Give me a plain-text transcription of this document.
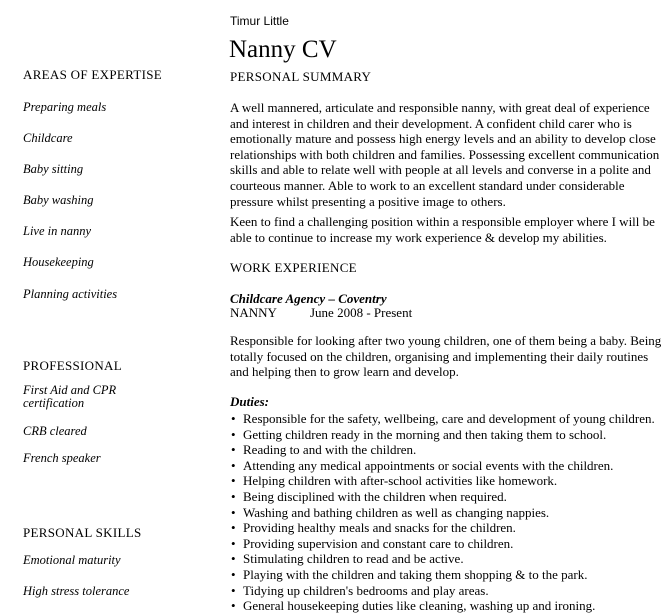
Timur Little
Nanny CV
AREAS OF EXPERTISE
Preparing meals
Childcare
Baby sitting
Baby washing
Live in nanny
Housekeeping
Planning activities
PROFESSIONAL
First Aid and CPR certification
CRB cleared
French speaker
PERSONAL SKILLS
Emotional maturity
High stress tolerance
PERSONAL SUMMARY
A well mannered, articulate and responsible nanny, with great deal of experience and interest in children and their development. A confident child carer who is emotionally mature and possess high energy levels and an ability to develop close relationships with both children and families. Possessing excellent communication skills and able to relate well with people at all levels and converse in a polite and courteous manner. Able to work to an excellent standard under considerable pressure whilst presenting a positive image to others.
Keen to find a challenging position within a responsible employer where I will be able to continue to increase my work experience & develop my abilities.
WORK EXPERIENCE
Childcare Agency – Coventry
NANNY	June 2008 - Present
Responsible for looking after two young children, one of them being a baby. Being totally focused on the children, organising and implementing their daily routines and helping then to grow learn and develop.
Duties:
• Responsible for the safety, wellbeing, care and development of young children.
• Getting children ready in the morning and then taking them to school.
• Reading to and with the children.
• Attending any medical appointments or social events with the children.
• Helping children with after-school activities like homework.
• Being disciplined with the children when required.
• Washing and bathing children as well as changing nappies.
• Providing healthy meals and snacks for the children.
• Providing supervision and constant care to children.
• Stimulating children to read and be active.
• Playing with the children and taking them shopping & to the park.
• Tidying up children's bedrooms and play areas.
• General housekeeping duties like cleaning, washing up and ironing.
